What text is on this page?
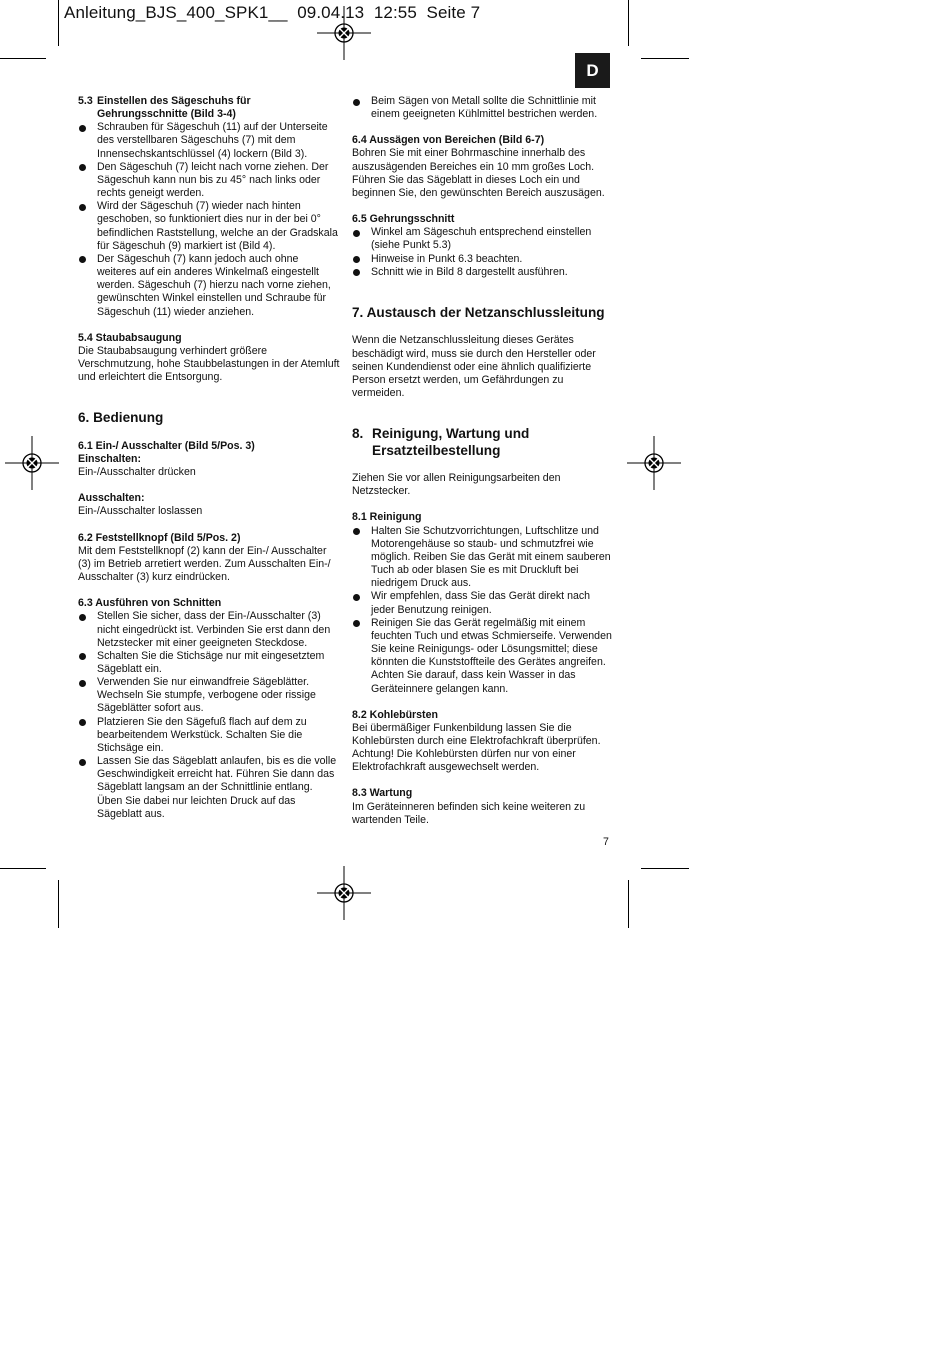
Anleitung_BJS_400_SPK1__  09.04.13  12:55  Seite 7
D
5.3 Einstellen des Sägeschuhs für Gehrungsschnitte (Bild 3-4)

Schrauben für Sägeschuh (11) auf der Unterseite des verstellbaren Sägeschuhs (7) mit dem Innensechskantschlüssel (4) lockern (Bild 3).

Den Sägeschuh (7) leicht nach vorne ziehen. Der Sägeschuh kann nun bis zu 45° nach links oder rechts geneigt werden.

Wird der Sägeschuh (7) wieder nach hinten geschoben, so funktioniert dies nur in der bei 0° befindlichen Raststellung, welche an der Gradskala für Sägeschuh (9) markiert ist (Bild 4).

Der Sägeschuh (7) kann jedoch auch ohne weiteres auf ein anderes Winkelmaß eingestellt werden. Sägeschuh (7) hierzu nach vorne ziehen, gewünschten Winkel einstellen und Schraube für Sägeschuh (11) wieder anziehen.

5.4 Staubabsaugung

Die Staubabsaugung verhindert größere Verschmutzung, hohe Staubbelastungen in der Atemluft und erleichtert die Entsorgung.

6. Bedienung

6.1 Ein-/ Ausschalter (Bild 5/Pos. 3)

Einschalten:

Ein-/Ausschalter drücken

Ausschalten:

Ein-/Ausschalter loslassen

6.2 Feststellknopf (Bild 5/Pos. 2)

Mit dem Feststellknopf (2) kann der Ein-/ Ausschalter (3) im Betrieb arretiert werden. Zum Ausschalten Ein-/ Ausschalter (3) kurz eindrücken.

6.3 Ausführen von Schnitten

Stellen Sie sicher, dass der Ein-/Ausschalter (3) nicht eingedrückt ist. Verbinden Sie erst dann den Netzstecker mit einer geeigneten Steckdose.

Schalten Sie die Stichsäge nur mit eingesetztem Sägeblatt ein.

Verwenden Sie nur einwandfreie Sägeblätter. Wechseln Sie stumpfe, verbogene oder rissige Sägeblätter sofort aus.

Platzieren Sie den Sägefuß flach auf dem zu bearbeitendem Werkstück. Schalten Sie die Stichsäge ein.

Lassen Sie das Sägeblatt anlaufen, bis es die volle Geschwindigkeit erreicht hat. Führen Sie dann das Sägeblatt langsam an der Schnittlinie entlang. Üben Sie dabei nur leichten Druck auf das Sägeblatt aus.

Beim Sägen von Metall sollte die Schnittlinie mit einem geeigneten Kühlmittel bestrichen werden.

6.4 Aussägen von Bereichen (Bild 6-7)

Bohren Sie mit einer Bohrmaschine innerhalb des auszusägenden Bereiches ein 10 mm großes Loch. Führen Sie das Sägeblatt in dieses Loch ein und beginnen Sie, den gewünschten Bereich auszusägen.

6.5 Gehrungsschnitt

Winkel am Sägeschuh entsprechend einstellen (siehe Punkt 5.3)

Hinweise in Punkt 6.3 beachten.

Schnitt wie in Bild 8 dargestellt ausführen.

7. Austausch der Netzanschlussleitung

Wenn die Netzanschlussleitung dieses Gerätes beschädigt wird, muss sie durch den Hersteller oder seinen Kundendienst oder eine ähnlich qualifizierte Person ersetzt werden, um Gefährdungen zu vermeiden.

8. Reinigung, Wartung und Ersatzteilbestellung

Ziehen Sie vor allen Reinigungsarbeiten den Netzstecker.

8.1 Reinigung

Halten Sie Schutzvorrichtungen, Luftschlitze und Motorengehäuse so staub- und schmutzfrei wie möglich. Reiben Sie das Gerät mit einem sauberen Tuch ab oder blasen Sie es mit Druckluft bei niedrigem Druck aus.

Wir empfehlen, dass Sie das Gerät direkt nach jeder Benutzung reinigen.

Reinigen Sie das Gerät regelmäßig mit einem feuchten Tuch und etwas Schmierseife. Verwenden Sie keine Reinigungs- oder Lösungsmittel; diese könnten die Kunststoffteile des Gerätes angreifen. Achten Sie darauf, dass kein Wasser in das Geräteinnere gelangen kann.

8.2 Kohlebürsten

Bei übermäßiger Funkenbildung lassen Sie die Kohlebürsten durch eine Elektrofachkraft überprüfen. Achtung! Die Kohlebürsten dürfen nur von einer Elektrofachkraft ausgewechselt werden.

8.3 Wartung

Im Geräteinneren befinden sich keine weiteren zu wartenden Teile.

7
